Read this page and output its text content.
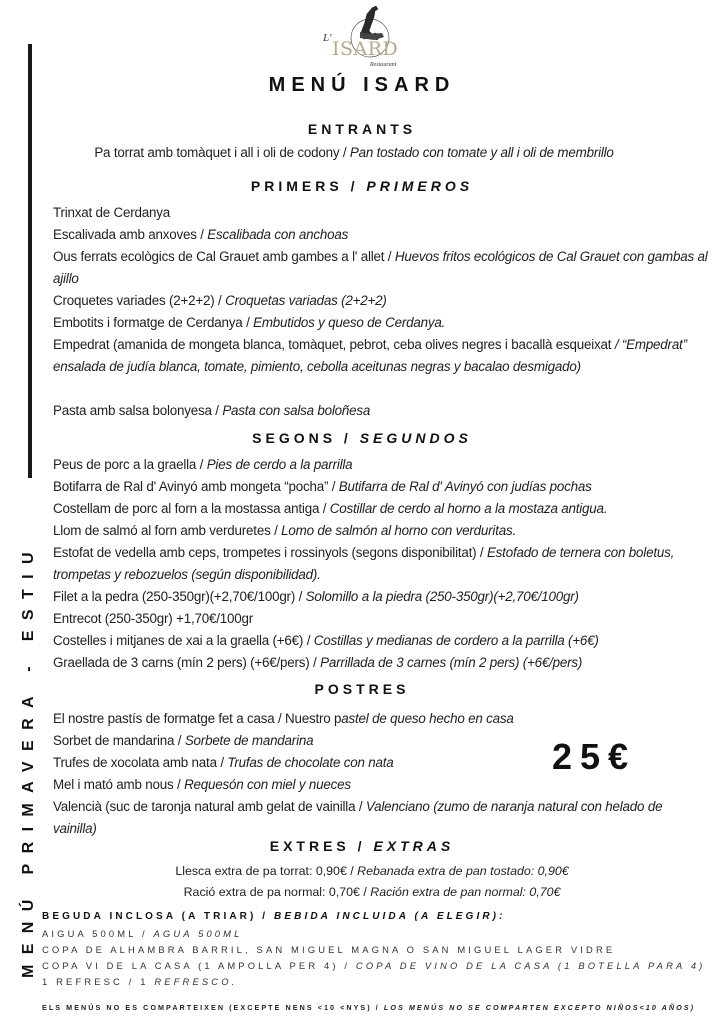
L' ISARD
Restaurant
MENÚ ISARD
MENÚ PRIMAVERA - ESTIU
ENTRANTS
Pa torrat amb tomàquet i all i oli de codony / Pan tostado con tomate y all i oli de membrillo
PRIMERS / PRIMEROS
Trinxat de Cerdanya
Escalivada amb anxoves / Escalibada con anchoas
Ous ferrats ecològics de Cal Grauet amb gambes a l' allet / Huevos fritos ecológicos de Cal Grauet con gambas al ajillo
Croquetes variades (2+2+2) / Croquetas variadas (2+2+2)
Embotits i formatge de Cerdanya / Embutidos y queso de Cerdanya.
Empedrat (amanida de mongeta blanca, tomàquet, pebrot, ceba olives negres i bacallà esqueixat / “Empedrat” ensalada de judía blanca, tomate, pimiento, cebolla aceitunas negras y bacalao desmigado)
Pasta amb salsa bolonyesa / Pasta con salsa boloñesa
SEGONS / SEGUNDOS
Peus de porc a la graella / Pies de cerdo a la parrilla
Botifarra de Ral d' Avinyó amb mongeta “pocha” / Butifarra de Ral d' Avinyó con judías pochas
Costellam de porc al forn a la mostassa antiga / Costillar de cerdo al horno a la mostaza antigua.
Llom de salmó al forn amb verduretes / Lomo de salmón al horno con verduritas.
Estofat de vedella amb ceps, trompetes i rossinyols (segons disponibilitat) / Estofado de ternera con boletus, trompetas y rebozuelos (según disponibilidad).
Filet a la pedra (250-350gr)(+2,70€/100gr) / Solomillo a la piedra (250-350gr)(+2,70€/100gr)
Entrecot (250-350gr) +1,70€/100gr
Costelles i mitjanes de xai a la graella (+6€) / Costillas y medianas de cordero a la parrilla (+6€)
Graellada de 3 carns (mín 2 pers) (+6€/pers) / Parrillada de 3 carnes (mín 2 pers) (+6€/pers)
POSTRES
El nostre pastís de formatge fet a casa / Nuestro pastel de queso hecho en casa
Sorbet de mandarina / Sorbete de mandarina
Trufes de xocolata amb nata / Trufas de chocolate con nata
Mel i mató amb nous / Requesón con miel y nueces
Valencià (suc de taronja natural amb gelat de vainilla / Valenciano (zumo de naranja natural con helado de vainilla)
25€
EXTRES / EXTRAS
Llesca extra de pa torrat: 0,90€ / Rebanada extra de pan tostado: 0,90€
Ració extra de pa normal: 0,70€ / Ración extra de pan normal: 0,70€
BEGUDA INCLOSA (A TRIAR) / BEBIDA INCLUIDA (A ELEGIR):
AIGUA 500ML / AGUA 500ML
COPA DE ALHAMBRA BARRIL, SAN MIGUEL MAGNA O SAN MIGUEL LAGER VIDRE
COPA VI DE LA CASA (1 AMPOLLA PER 4) / COPA DE VINO DE LA CASA (1 BOTELLA PARA 4)
1 REFRESC / 1 REFRESCO.
ELS MENÚS NO ES COMPARTEIXEN (EXCEPTE NENS <10 <NYS) / LOS MENÚS NO SE COMPARTEN EXCEPTO NIÑOS<10 AÑOS)
